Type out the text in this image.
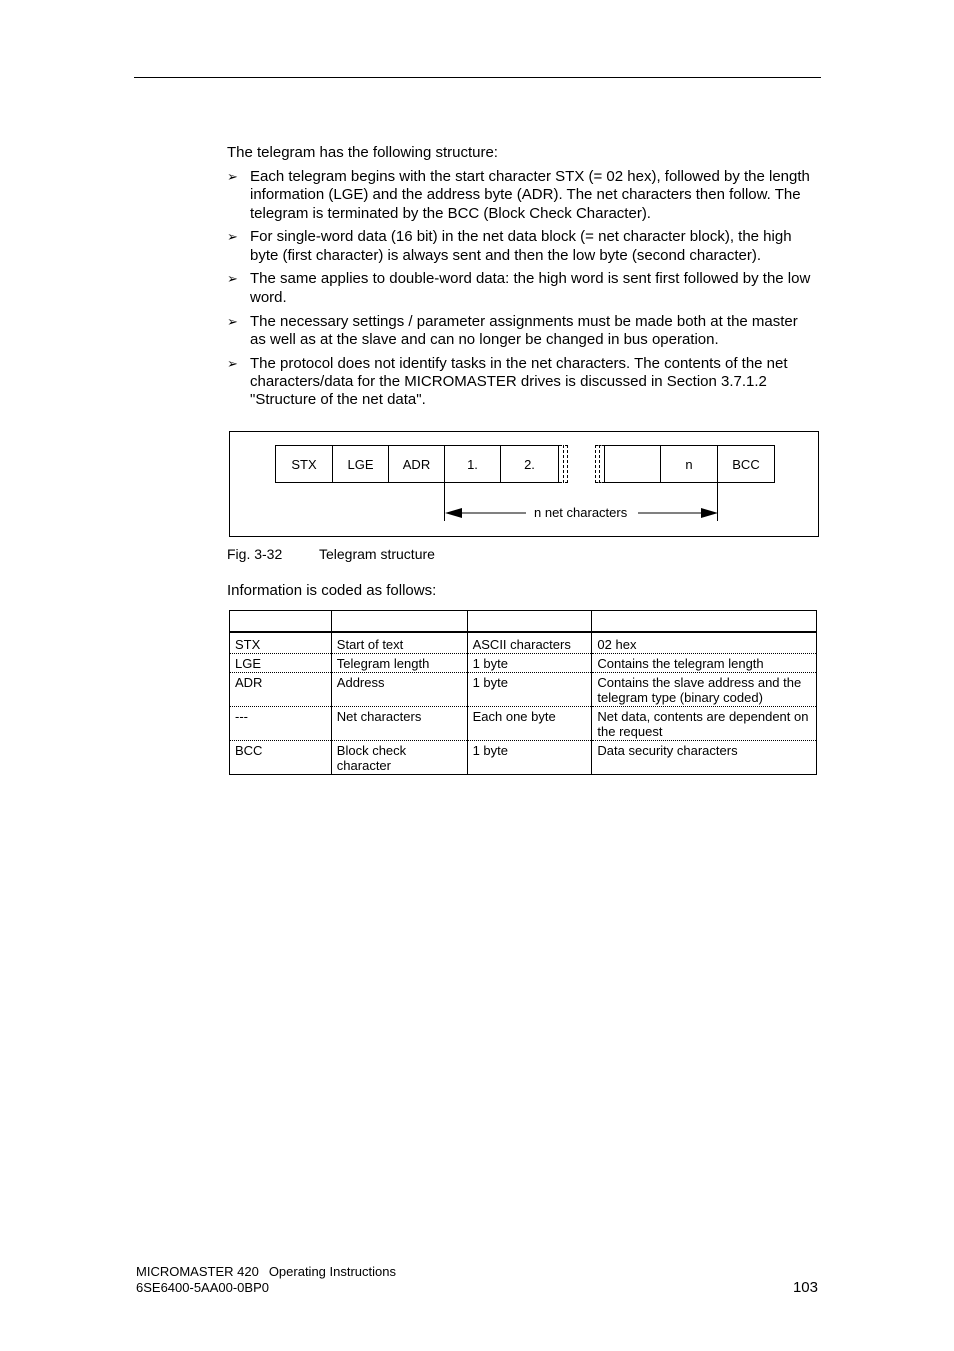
The telegram has the following structure:
➢ Each telegram begins with the start character STX (= 02 hex), followed by the length information (LGE) and the address byte (ADR). The net characters then follow. The telegram is terminated by the BCC (Block Check Character).
➢ For single-word data (16 bit) in the net data block (= net character block), the high byte (first character) is always sent and then the low byte (second character).
➢ The same applies to double-word data: the high word is sent first followed by the low word.
➢ The necessary settings / parameter assignments must be made both at the master as well as at the slave and can no longer be changed in bus operation.
➢ The protocol does not identify tasks in the net characters. The contents of the net characters/data for the MICROMASTER drives is discussed in Section 3.7.1.2 "Structure of the net data".
STX	LGE	ADR	1.	2.	n	BCC
n net characters
Fig. 3-32	Telegram structure
Information is coded as follows:

STX	Start of text	ASCII characters	02 hex
LGE	Telegram length	1 byte	Contains the telegram length
ADR	Address	1 byte	Contains the slave address and the telegram type (binary coded)
---	Net characters	Each one byte	Net data, contents are dependent on the request
BCC	Block check character	1 byte	Data security characters
MICROMASTER 420 Operating Instructions
6SE6400-5AA00-0BP0	103
